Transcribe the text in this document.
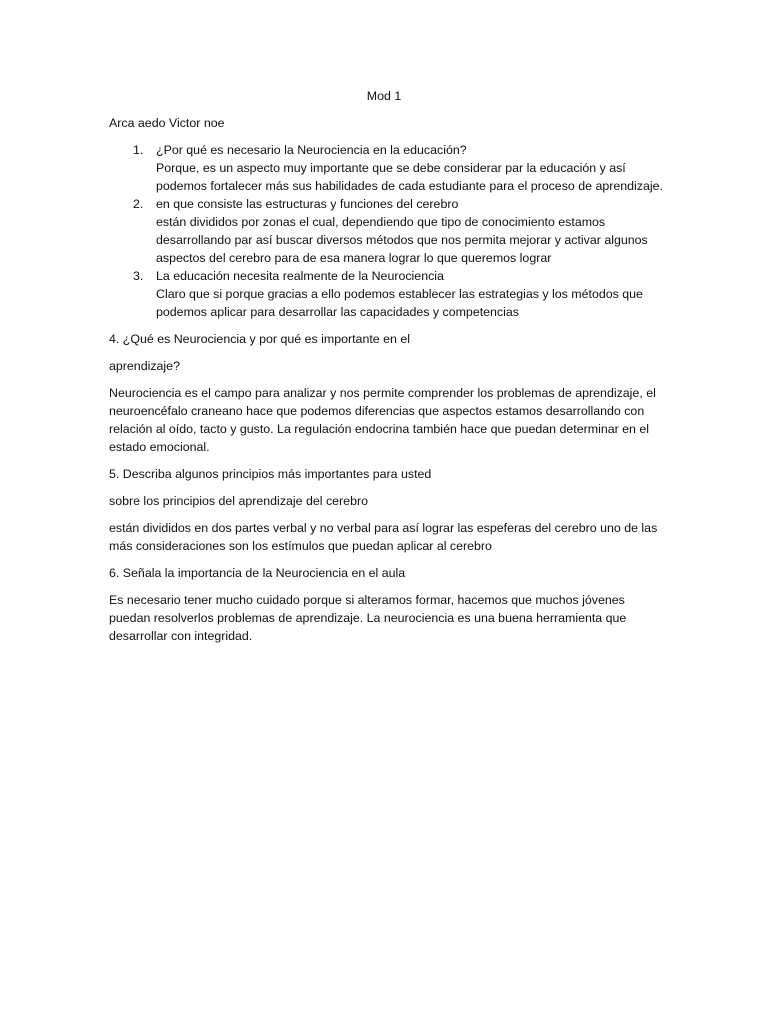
Mod 1

Arca aedo Victor noe

1. ¿Por qué es necesario la Neurociencia en la educación?

Porque, es un aspecto muy importante que se debe considerar par la educación y así podemos fortalecer más sus habilidades de cada estudiante para el proceso de aprendizaje.

2. en que consiste las estructuras y funciones del cerebro

están divididos por zonas el cual, dependiendo que tipo de conocimiento estamos desarrollando par así buscar diversos métodos que nos permita mejorar y activar algunos aspectos del cerebro para de esa manera lograr lo que queremos lograr

3. La educación necesita realmente de la Neurociencia

Claro que si porque gracias a ello podemos establecer las estrategias y los métodos que podemos aplicar para desarrollar las capacidades y competencias

4. ¿Qué es Neurociencia y por qué es importante en el

aprendizaje?

Neurociencia es el campo para analizar y nos permite comprender los problemas de aprendizaje, el neuroencéfalo craneano hace que podemos diferencias que aspectos estamos desarrollando con relación al oído, tacto y gusto. La regulación endocrina también hace que puedan determinar en el estado emocional.

5. Describa algunos principios más importantes para usted

sobre los principios del aprendizaje del cerebro

están divididos en dos partes verbal y no verbal para así lograr las espeferas del cerebro uno de las más consideraciones son los estímulos que puedan aplicar al cerebro

6. Señala la importancia de la Neurociencia en el aula

Es necesario tener mucho cuidado porque si alteramos formar, hacemos que muchos jóvenes puedan resolverlos problemas de aprendizaje. La neurociencia es una buena herramienta que desarrollar con integridad.
